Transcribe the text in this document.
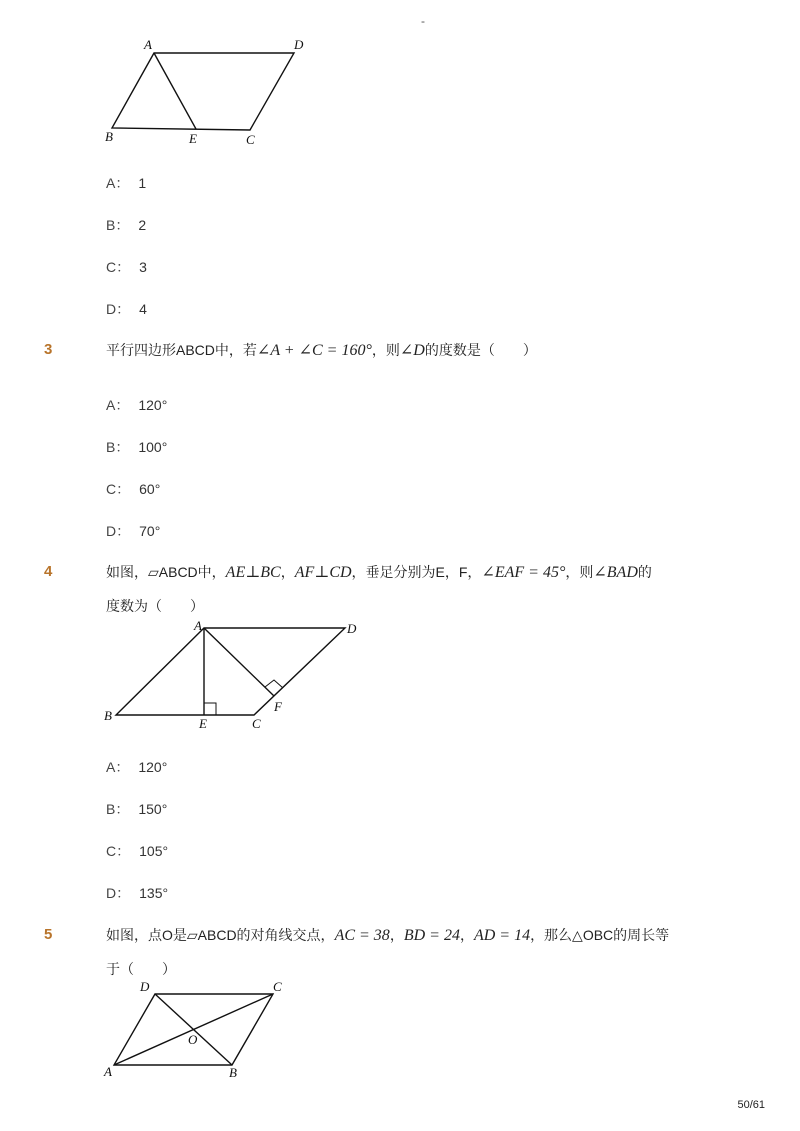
-
A	D
B	E	C
A： 1
B： 2
C： 3
D： 4
3	平行四边形ABCD中，若∠A + ∠C = 160°，则∠D的度数是（　　）
A： 120°
B： 100°
C： 60°
D： 70°
4	如图，▱ABCD中，AE⊥BC，AF⊥CD，垂足分别为E，F，∠EAF = 45°，则∠BAD的
度数为（　　）
A	D
B
E	C
F
A： 120°
B： 150°
C： 105°
D： 135°
5	如图，点O是▱ABCD的对角线交点，AC = 38，BD = 24，AD = 14，那么△OBC的周长等
于（　　）
D	C
O
A	B
50/61
